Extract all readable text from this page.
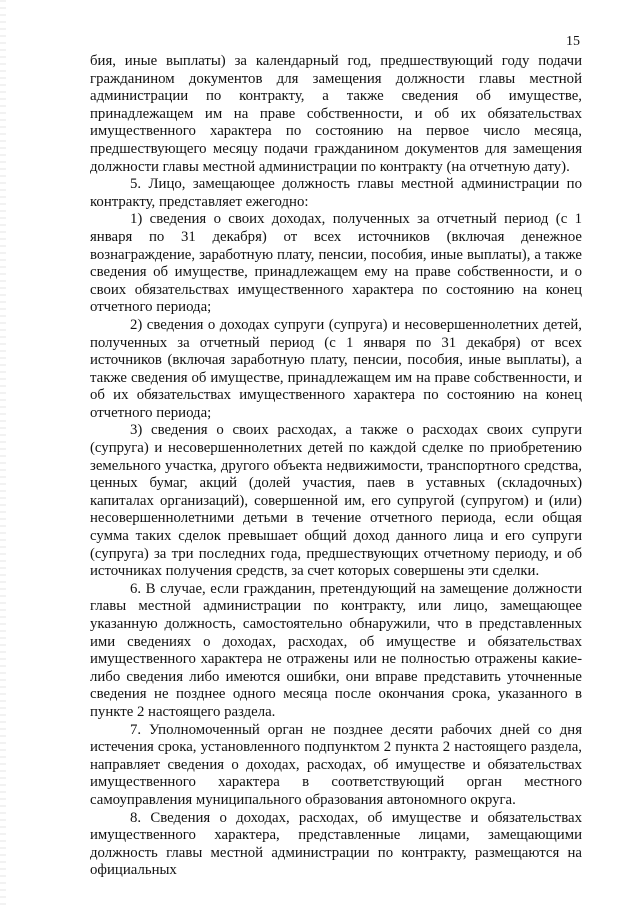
15

бия, иные выплаты) за календарный год, предшествующий году подачи гражданином документов для замещения должности главы местной администрации по контракту, а также сведения об имуществе, принадлежащем им на праве собственности, и об их обязательствах имущественного характера по состоянию на первое число месяца, предшествующего месяцу подачи гражданином документов для замещения должности главы местной администрации по контракту (на отчетную дату).

5. Лицо, замещающее должность главы местной администрации по контракту, представляет ежегодно:

1) сведения о своих доходах, полученных за отчетный период (с 1 января по 31 декабря) от всех источников (включая денежное вознаграждение, заработную плату, пенсии, пособия, иные выплаты), а также сведения об имуществе, принадлежащем ему на праве собственности, и о своих обязательствах имущественного характера по состоянию на конец отчетного периода;

2) сведения о доходах супруги (супруга) и несовершеннолетних детей, полученных за отчетный период (с 1 января по 31 декабря) от всех источников (включая заработную плату, пенсии, пособия, иные выплаты), а также сведения об имуществе, принадлежащем им на праве собственности, и об их обязательствах имущественного характера по состоянию на конец отчетного периода;

3) сведения о своих расходах, а также о расходах своих супруги (супруга) и несовершеннолетних детей по каждой сделке по приобретению земельного участка, другого объекта недвижимости, транспортного средства, ценных бумаг, акций (долей участия, паев в уставных (складочных) капиталах организаций), совершенной им, его супругой (супругом) и (или) несовершеннолетними детьми в течение отчетного периода, если общая сумма таких сделок превышает общий доход данного лица и его супруги (супруга) за три последних года, предшествующих отчетному периоду, и об источниках получения средств, за счет которых совершены эти сделки.

6. В случае, если гражданин, претендующий на замещение должности главы местной администрации по контракту, или лицо, замещающее указанную должность, самостоятельно обнаружили, что в представленных ими сведениях о доходах, расходах, об имуществе и обязательствах имущественного характера не отражены или не полностью отражены какие-либо сведения либо имеются ошибки, они вправе представить уточненные сведения не позднее одного месяца после окончания срока, указанного в пункте 2 настоящего раздела.

7. Уполномоченный орган не позднее десяти рабочих дней со дня истечения срока, установленного подпунктом 2 пункта 2 настоящего раздела, направляет сведения о доходах, расходах, об имуществе и обязательствах имущественного характера в соответствующий орган местного самоуправления муниципального образования автономного округа.

8. Сведения о доходах, расходах, об имуществе и обязательствах имущественного характера, представленные лицами, замещающими должность главы местной администрации по контракту, размещаются на официальных
